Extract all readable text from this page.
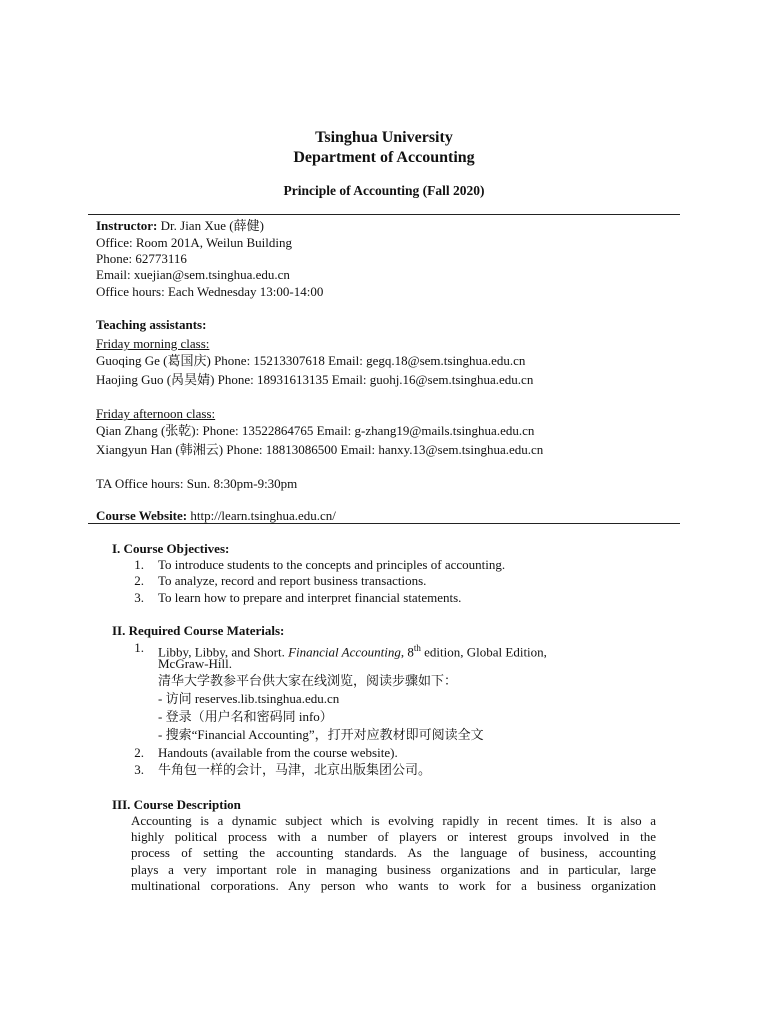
Tsinghua University
Department of Accounting
Principle of Accounting (Fall 2020)
Instructor: Dr. Jian Xue (薛健)
Office: Room 201A, Weilun Building
Phone: 62773116
Email: xuejian@sem.tsinghua.edu.cn
Office hours: Each Wednesday 13:00-14:00
Teaching assistants:
Friday morning class:
Guoqing Ge (葛国庆) Phone: 15213307618 Email: gegq.18@sem.tsinghua.edu.cn
Haojing Guo (呙昊婧) Phone: 18931613135 Email: guohj.16@sem.tsinghua.edu.cn
Friday afternoon class:
Qian Zhang (张乾): Phone: 13522864765 Email: g-zhang19@mails.tsinghua.edu.cn
Xiangyun Han (韩湘云) Phone: 18813086500 Email: hanxy.13@sem.tsinghua.edu.cn
TA Office hours: Sun. 8:30pm-9:30pm
Course Website: http://learn.tsinghua.edu.cn/
I. Course Objectives:
1. To introduce students to the concepts and principles of accounting.
2. To analyze, record and report business transactions.
3. To learn how to prepare and interpret financial statements.
II. Required Course Materials:
1. Libby, Libby, and Short. Financial Accounting, 8th edition, Global Edition,
McGraw-Hill.
清华大学教参平台供大家在线浏览，阅读步骤如下：
- 访问 reserves.lib.tsinghua.edu.cn
- 登录（用户名和密码同 info）
- 搜索“Financial Accounting”，打开对应教材即可阅读全文
2. Handouts (available from the course website).
3. 牛角包一样的会计，马津，北京出版集团公司。
III. Course Description
Accounting is a dynamic subject which is evolving rapidly in recent times. It is also a
highly political process with a number of players or interest groups involved in the
process of setting the accounting standards. As the language of business, accounting
plays a very important role in managing business organizations and in particular, large
multinational corporations. Any person who wants to work for a business organization
